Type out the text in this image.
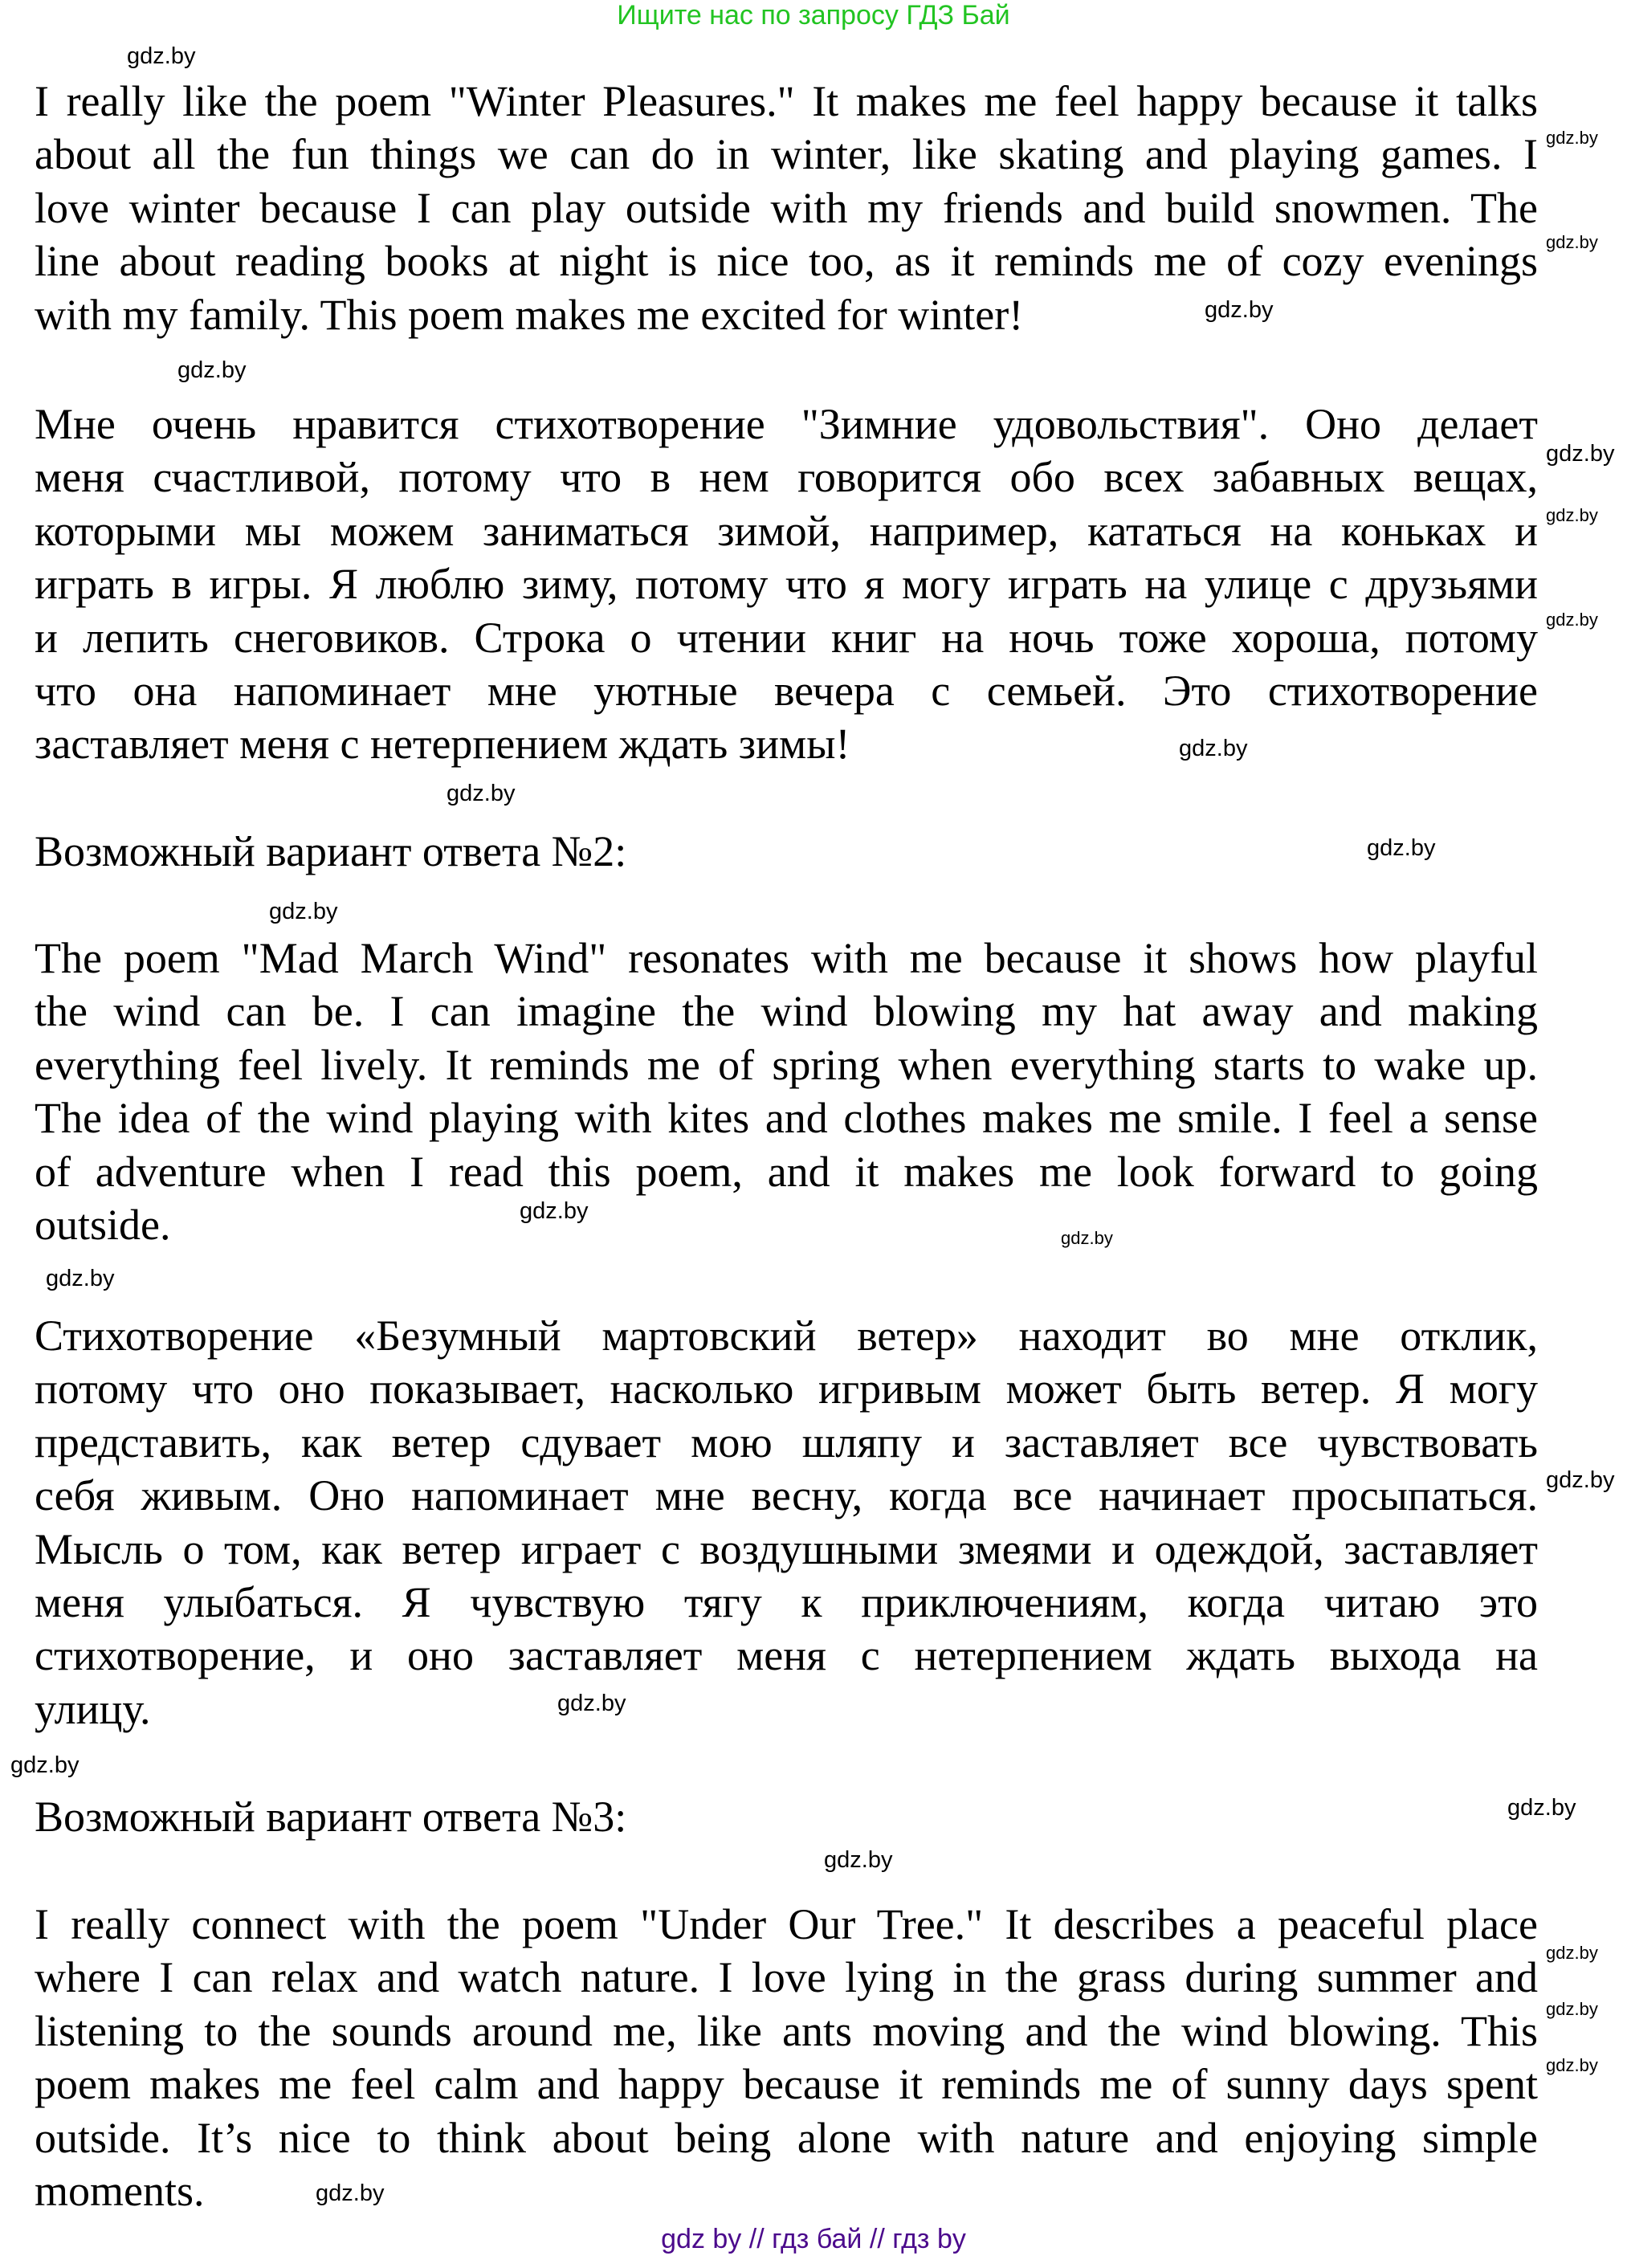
Ищите нас по запросу ГДЗ Бай
I really like the poem "Winter Pleasures." It makes me feel happy because it talks
about all the fun things we can do in winter, like skating and playing games. I
love winter because I can play outside with my friends and build snowmen. The
line about reading books at night is nice too, as it reminds me of cozy evenings
with my family. This poem makes me excited for winter!
Мне очень нравится стихотворение "Зимние удовольствия". Оно делает
меня счастливой, потому что в нем говорится обо всех забавных вещах,
которыми мы можем заниматься зимой, например, кататься на коньках и
играть в игры. Я люблю зиму, потому что я могу играть на улице с друзьями
и лепить снеговиков. Строка о чтении книг на ночь тоже хороша, потому
что она напоминает мне уютные вечера с семьей. Это стихотворение
заставляет меня с нетерпением ждать зимы!
Возможный вариант ответа №2:
The poem "Mad March Wind" resonates with me because it shows how playful
the wind can be. I can imagine the wind blowing my hat away and making
everything feel lively. It reminds me of spring when everything starts to wake up.
The idea of the wind playing with kites and clothes makes me smile. I feel a sense
of adventure when I read this poem, and it makes me look forward to going
outside.
Стихотворение «Безумный мартовский ветер» находит во мне отклик,
потому что оно показывает, насколько игривым может быть ветер. Я могу
представить, как ветер сдувает мою шляпу и заставляет все чувствовать
себя живым. Оно напоминает мне весну, когда все начинает просыпаться.
Мысль о том, как ветер играет с воздушными змеями и одеждой, заставляет
меня улыбаться. Я чувствую тягу к приключениям, когда читаю это
стихотворение, и оно заставляет меня с нетерпением ждать выхода на
улицу.
Возможный вариант ответа №3:
I really connect with the poem "Under Our Tree." It describes a peaceful place
where I can relax and watch nature. I love lying in the grass during summer and
listening to the sounds around me, like ants moving and the wind blowing. This
poem makes me feel calm and happy because it reminds me of sunny days spent
outside. It’s nice to think about being alone with nature and enjoying simple
moments.
gdz by // гдз бай // гдз by
gdz.by
gdz.by
gdz.by
gdz.by
gdz.by
gdz.by
gdz.by
gdz.by
gdz.by
gdz.by
gdz.by
gdz.by
gdz.by
gdz.by
gdz.by
gdz.by
gdz.by
gdz.by
gdz.by
gdz.by
gdz.by
gdz.by
gdz.by
gdz.by
